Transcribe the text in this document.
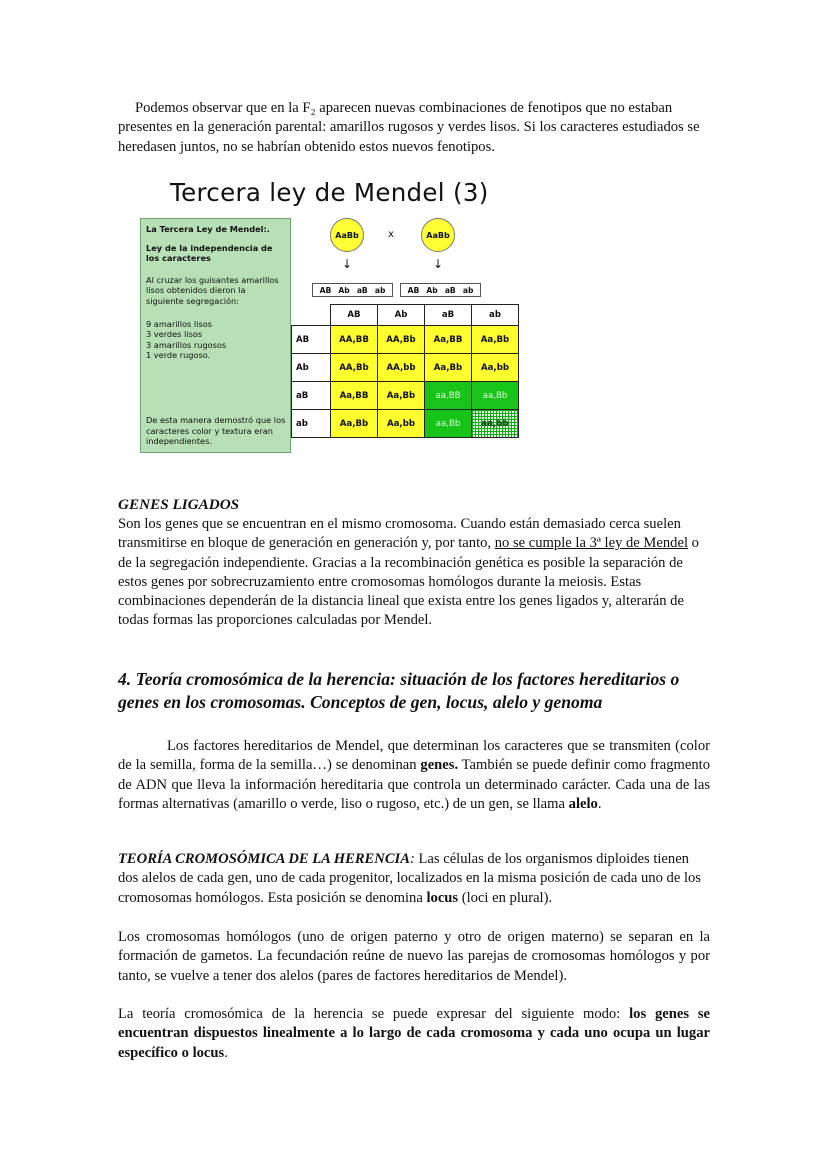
Podemos observar que en la F₂ aparecen nuevas combinaciones de fenotipos que no estaban presentes en la generación parental: amarillos rugosos y verdes lisos. Si los caracteres estudiados se heredasen juntos, no se habrían obtenido estos nuevos fenotipos.

Tercera ley de Mendel (3)

La Tercera Ley de Mendel:.

Ley de la independencia de los caracteres

Al cruzar los guisantes amarillos lisos obtenidos dieron la siguiente segregación:

9 amarillos lisos

3 verdes lisos

3 amarillos rugosos

1 verde rugoso.

De esta manera demostró que los caracteres color y textura eran independientes.

AaBb	x	AaBb
↓	↓
AB Ab aB ab	AB Ab aB ab
	AB	Ab	aB	ab
AB	AA,BB	AA,Bb	Aa,BB	Aa,Bb
Ab	AA,Bb	AA,bb	Aa,Bb	Aa,bb
aB	Aa,BB	Aa,Bb	aa,BB	aa,Bb
ab	Aa,Bb	Aa,bb	aa,Bb	aa,bb

GENES LIGADOS

Son los genes que se encuentran en el mismo cromosoma. Cuando están demasiado cerca suelen transmitirse en bloque de generación en generación y, por tanto, no se cumple la 3ª ley de Mendel o de la segregación independiente. Gracias a la recombinación genética es posible la separación de estos genes por sobrecruzamiento entre cromosomas homólogos durante la meiosis. Estas combinaciones dependerán de la distancia lineal que exista entre los genes ligados y, alterarán de todas formas las proporciones calculadas por Mendel.

4. Teoría cromosómica de la herencia: situación de los factores hereditarios o genes en los cromosomas. Conceptos de gen, locus, alelo y genoma

Los factores hereditarios de Mendel, que determinan los caracteres que se transmiten (color de la semilla, forma de la semilla…) se denominan genes. También se puede definir como fragmento de ADN que lleva la información hereditaria que controla un determinado carácter. Cada una de las formas alternativas (amarillo o verde, liso o rugoso, etc.) de un gen, se llama alelo.

TEORÍA CROMOSÓMICA DE LA HERENCIA: Las células de los organismos diploides tienen dos alelos de cada gen, uno de cada progenitor, localizados en la misma posición de cada uno de los cromosomas homólogos. Esta posición se denomina locus (loci en plural).

Los cromosomas homólogos (uno de origen paterno y otro de origen materno) se separan en la formación de gametos. La fecundación reúne de nuevo las parejas de cromosomas homólogos y por tanto, se vuelve a tener dos alelos (pares de factores hereditarios de Mendel).

La teoría cromosómica de la herencia se puede expresar del siguiente modo: los genes se encuentran dispuestos linealmente a lo largo de cada cromosoma y cada uno ocupa un lugar específico o locus.
